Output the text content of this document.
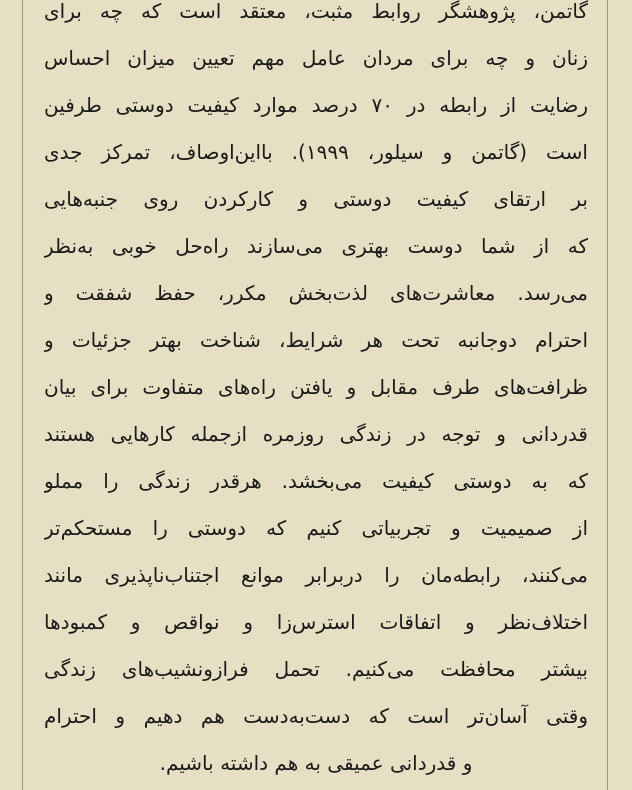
گاتمن، پژوهشگر روابط مثبت، معتقد است که چه برای
زنان و چه برای مردان عامل مهم تعیین میزان احساس
رضایت از رابطه در ۷۰ درصد موارد کیفیت دوستی طرفین
است (گاتمن و سیلور، ۱۹۹۹). بااین‌اوصاف، تمرکز جدی
بر ارتقای کیفیت دوستی و کارکردن روی جنبه‌هایی
که از شما دوست بهتری می‌سازند راه‌حل خوبی به‌نظر
می‌رسد. معاشرت‌های لذت‌بخش مکرر، حفظ شفقت و
احترام دوجانبه تحت هر شرایط، شناخت بهتر جزئیات و
ظرافت‌های طرف مقابل و یافتن راه‌های متفاوت برای بیان
قدردانی و توجه در زندگی روزمره ازجمله کارهایی هستند
که به دوستی کیفیت می‌بخشد. هرقدر زندگی را مملو
از صمیمیت و تجربیاتی کنیم که دوستی را مستحکم‌تر
می‌کنند، رابطه‌مان را دربرابر موانع اجتناب‌ناپذیری مانند
اختلاف‌نظر و اتفاقات استرس‌زا و نواقص و کمبودها
بیشتر محافظت می‌کنیم. تحمل فرازونشیب‌های زندگی
وقتی آسان‌تر است که دست‌به‌دست هم دهیم و احترام
و قدردانی عمیقی به هم داشته باشیم.
